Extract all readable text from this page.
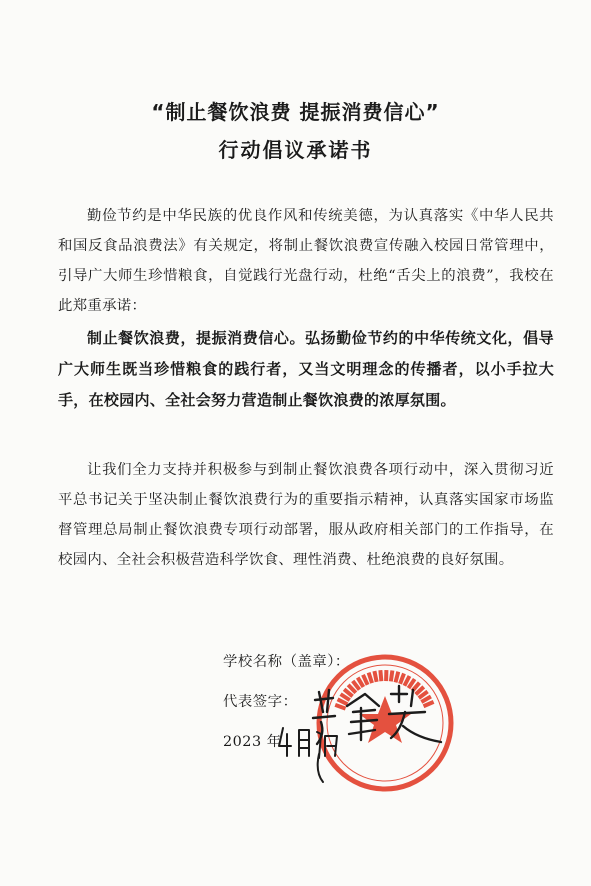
“制止餐饮浪费 提振消费信心”
行动倡议承诺书
勤俭节约是中华民族的优良作风和传统美德，为认真落实《中华人民共和国反食品浪费法》有关规定，将制止餐饮浪费宣传融入校园日常管理中，引导广大师生珍惜粮食，自觉践行光盘行动，杜绝“舌尖上的浪费”，我校在此郑重承诺：
制止餐饮浪费，提振消费信心。弘扬勤俭节约的中华传统文化，倡导广大师生既当珍惜粮食的践行者，又当文明理念的传播者，以小手拉大手，在校园内、全社会努力营造制止餐饮浪费的浓厚氛围。
让我们全力支持并积极参与到制止餐饮浪费各项行动中，深入贯彻习近平总书记关于坚决制止餐饮浪费行为的重要指示精神，认真落实国家市场监督管理总局制止餐饮浪费专项行动部署，服从政府相关部门的工作指导，在校园内、全社会积极营造科学饮食、理性消费、杜绝浪费的良好氛围。
学校名称（盖章）：
代表签字：
2023 年
